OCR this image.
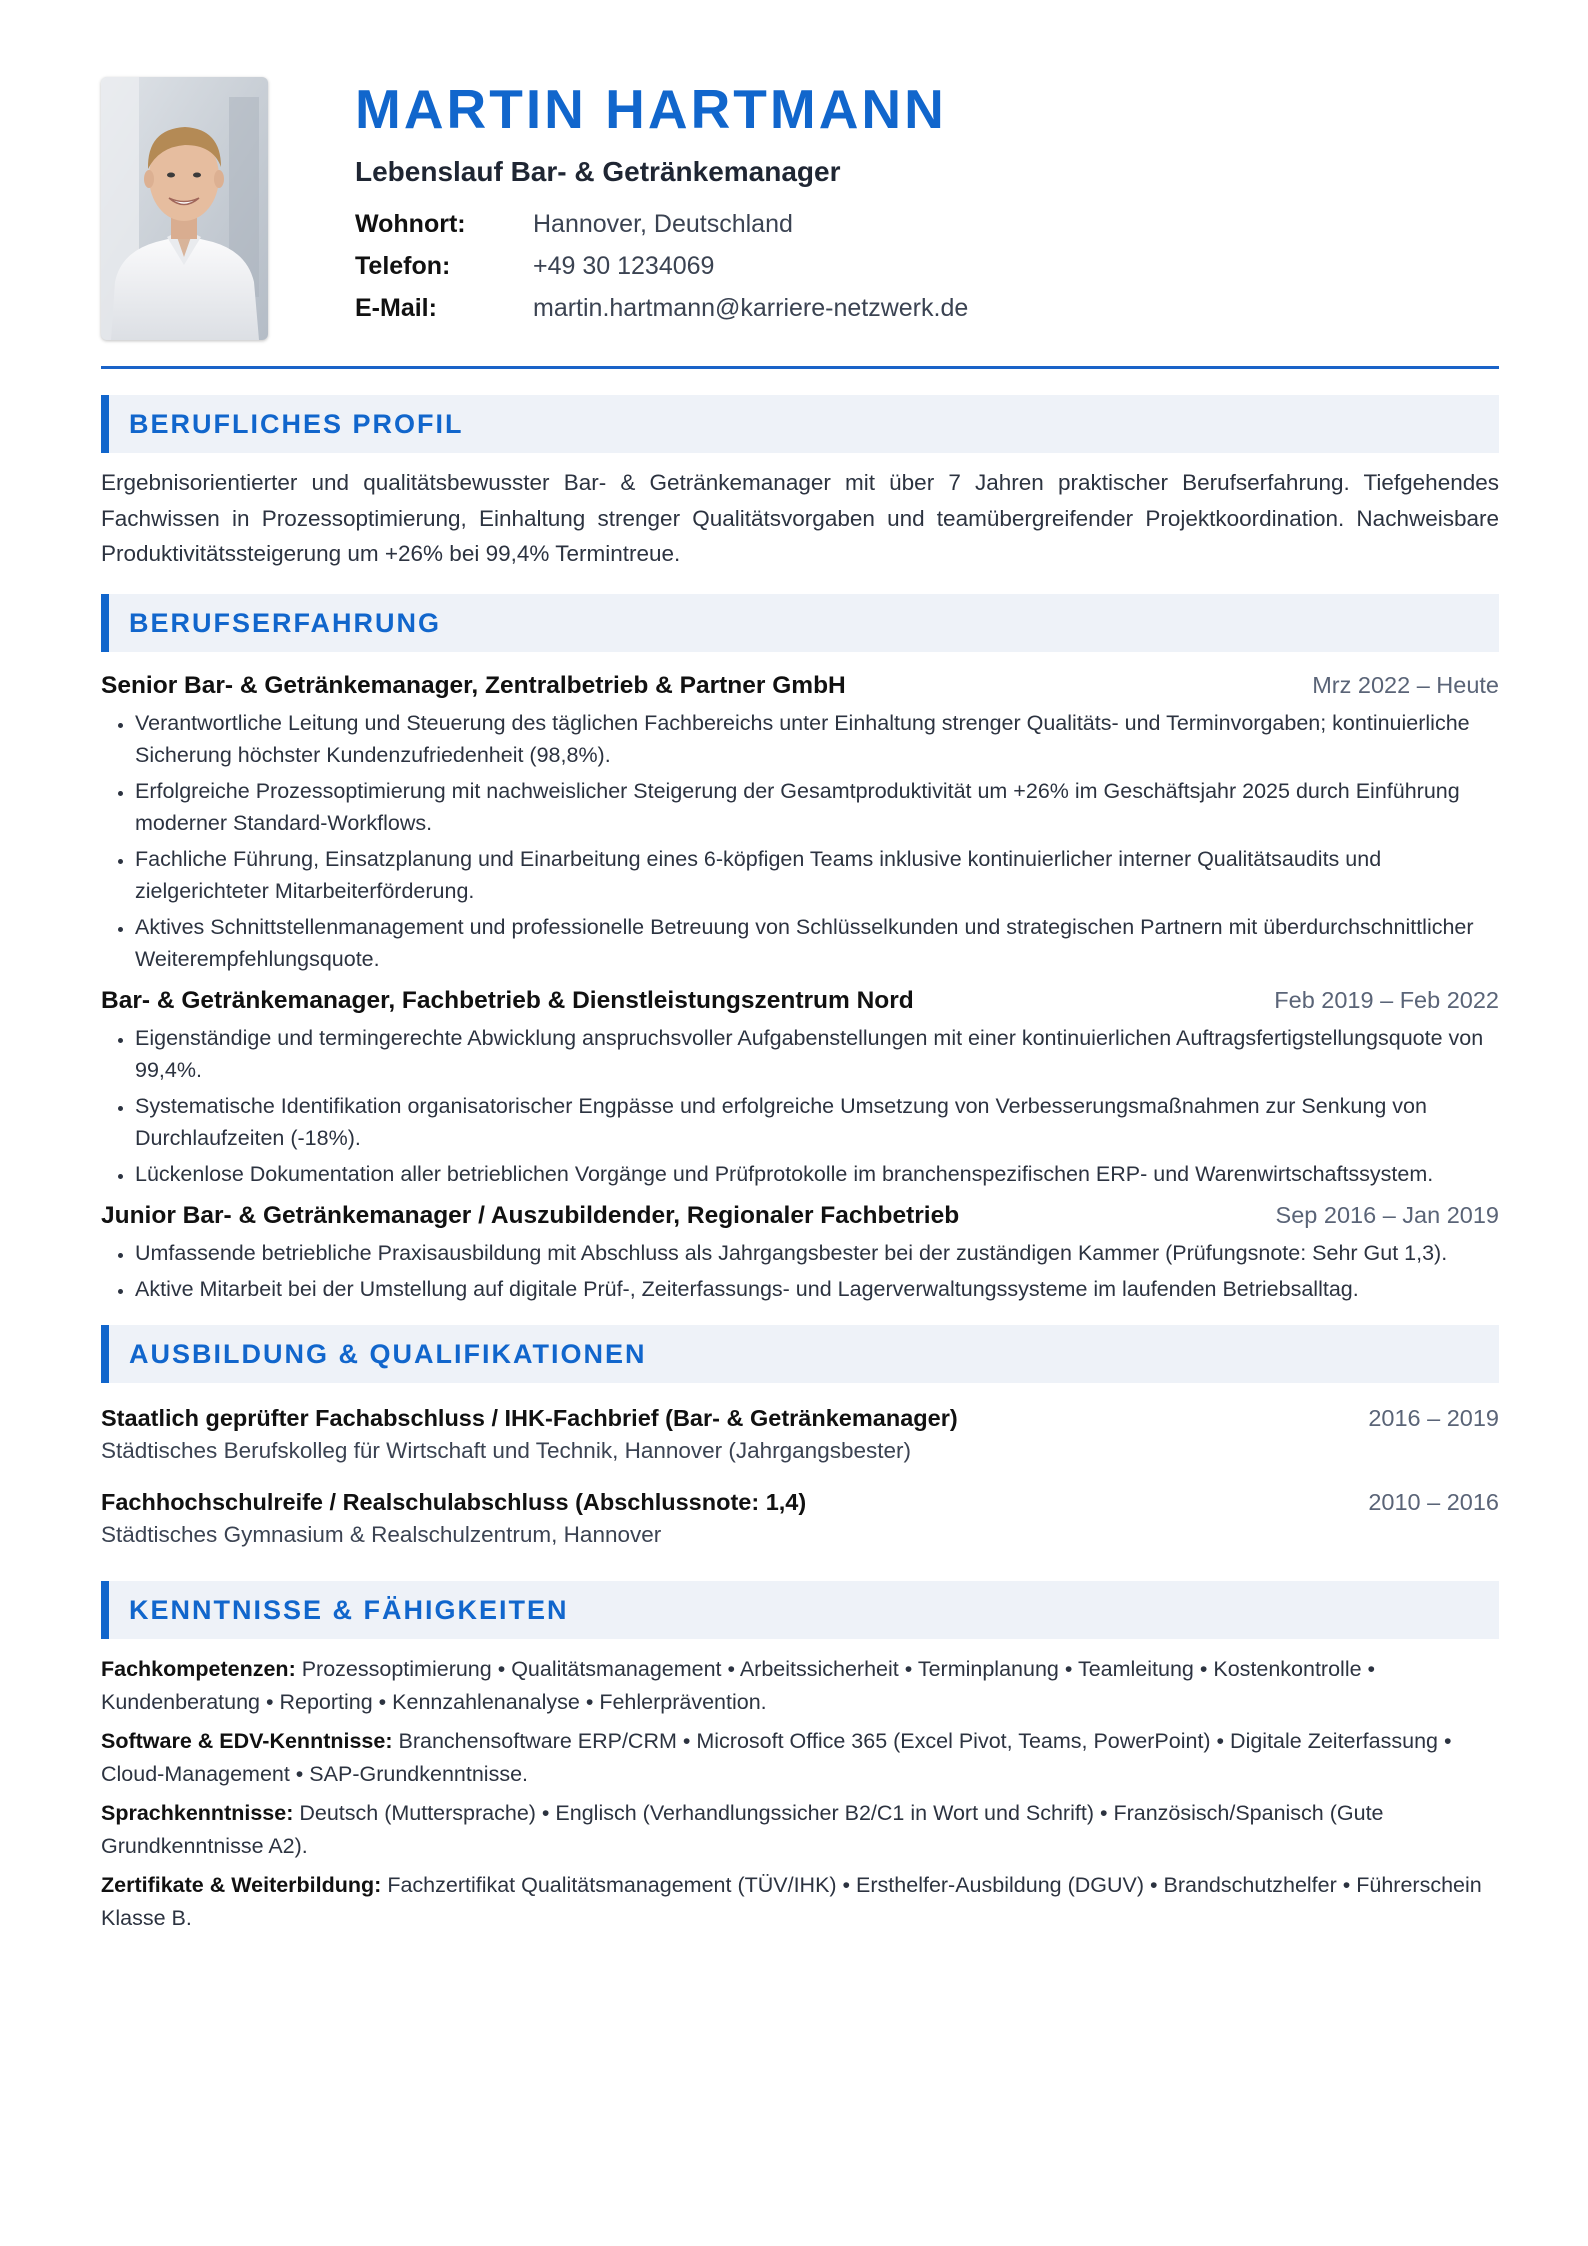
MARTIN HARTMANN
Lebenslauf Bar- & Getränkemanager
Wohnort:	Hannover, Deutschland
Telefon:	+49 30 1234069
E-Mail:	martin.hartmann@karriere-netzwerk.de
BERUFLICHES PROFIL

Ergebnisorientierter und qualitätsbewusster Bar- & Getränkemanager mit über 7 Jahren praktischer Berufserfahrung. Tiefgehendes Fachwissen in Prozessoptimierung, Einhaltung strenger Qualitätsvorgaben und teamübergreifender Projektkoordination. Nachweisbare Produktivitätssteigerung um +26% bei 99,4% Termintreue.

BERUFSERFAHRUNG
Senior Bar- & Getränkemanager, Zentralbetrieb & Partner GmbH	Mrz 2022 – Heute
• Verantwortliche Leitung und Steuerung des täglichen Fachbereichs unter Einhaltung strenger Qualitäts- und Terminvorgaben; kontinuierliche Sicherung höchster Kundenzufriedenheit (98,8%).
• Erfolgreiche Prozessoptimierung mit nachweislicher Steigerung der Gesamtproduktivität um +26% im Geschäftsjahr 2025 durch Einführung moderner Standard-Workflows.
• Fachliche Führung, Einsatzplanung und Einarbeitung eines 6-köpfigen Teams inklusive kontinuierlicher interner Qualitätsaudits und zielgerichteter Mitarbeiterförderung.
• Aktives Schnittstellenmanagement und professionelle Betreuung von Schlüsselkunden und strategischen Partnern mit überdurchschnittlicher Weiterempfehlungsquote.
Bar- & Getränkemanager, Fachbetrieb & Dienstleistungszentrum Nord	Feb 2019 – Feb 2022
• Eigenständige und termingerechte Abwicklung anspruchsvoller Aufgabenstellungen mit einer kontinuierlichen Auftragsfertigstellungsquote von 99,4%.
• Systematische Identifikation organisatorischer Engpässe und erfolgreiche Umsetzung von Verbesserungsmaßnahmen zur Senkung von Durchlaufzeiten (-18%).
• Lückenlose Dokumentation aller betrieblichen Vorgänge und Prüfprotokolle im branchenspezifischen ERP- und Warenwirtschaftssystem.
Junior Bar- & Getränkemanager / Auszubildender, Regionaler Fachbetrieb	Sep 2016 – Jan 2019
• Umfassende betriebliche Praxisausbildung mit Abschluss als Jahrgangsbester bei der zuständigen Kammer (Prüfungsnote: Sehr Gut 1,3).
• Aktive Mitarbeit bei der Umstellung auf digitale Prüf-, Zeiterfassungs- und Lagerverwaltungssysteme im laufenden Betriebsalltag.
AUSBILDUNG & QUALIFIKATIONEN
Staatlich geprüfter Fachabschluss / IHK-Fachbrief (Bar- & Getränkemanager)	2016 – 2019
Städtisches Berufskolleg für Wirtschaft und Technik, Hannover (Jahrgangsbester)
Fachhochschulreife / Realschulabschluss (Abschlussnote: 1,4)	2010 – 2016
Städtisches Gymnasium & Realschulzentrum, Hannover
KENNTNISSE & FÄHIGKEITEN
Fachkompetenzen: Prozessoptimierung • Qualitätsmanagement • Arbeitssicherheit • Terminplanung • Teamleitung • Kostenkontrolle • Kundenberatung • Reporting • Kennzahlenanalyse • Fehlerprävention.
Software & EDV-Kenntnisse: Branchensoftware ERP/CRM • Microsoft Office 365 (Excel Pivot, Teams, PowerPoint) • Digitale Zeiterfassung • Cloud-Management • SAP-Grundkenntnisse.
Sprachkenntnisse: Deutsch (Muttersprache) • Englisch (Verhandlungssicher B2/C1 in Wort und Schrift) • Französisch/Spanisch (Gute Grundkenntnisse A2).
Zertifikate & Weiterbildung: Fachzertifikat Qualitätsmanagement (TÜV/IHK) • Ersthelfer-Ausbildung (DGUV) • Brandschutzhelfer • Führerschein Klasse B.
